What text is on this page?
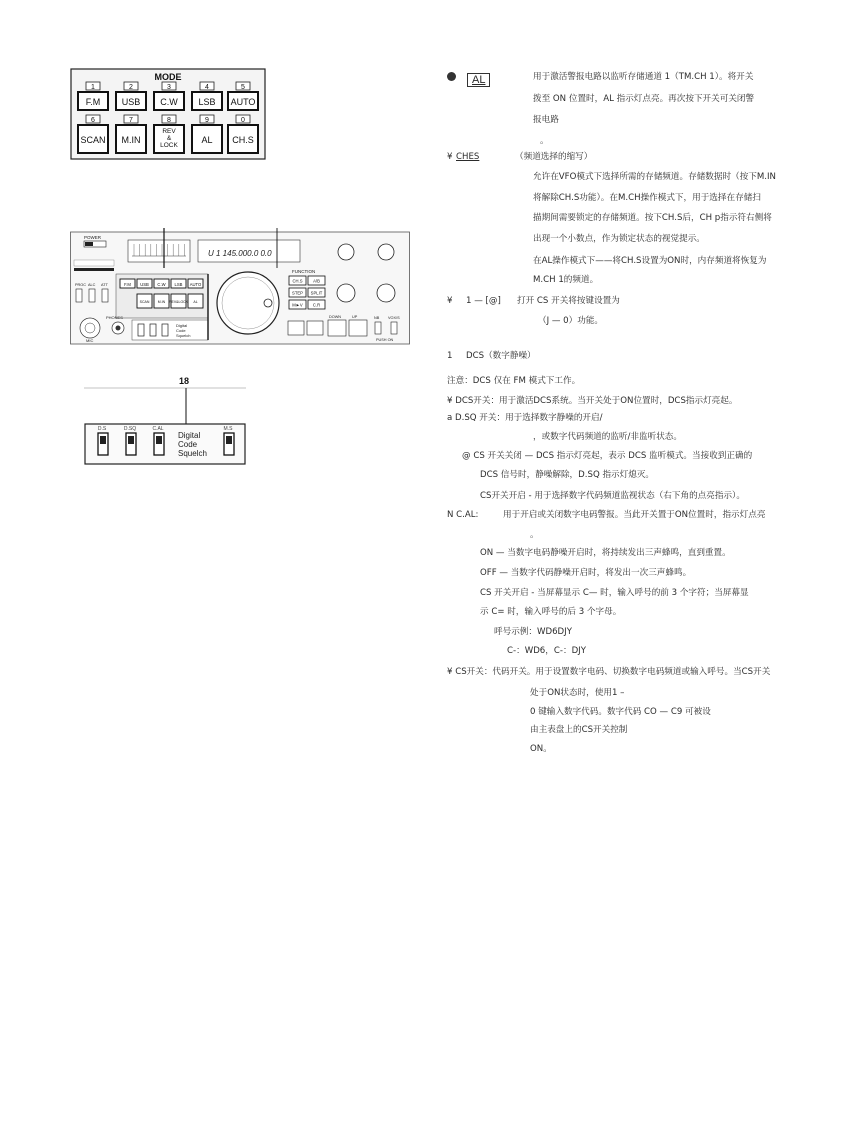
MODE
1
F.M
2
USB
3
C.W
4
LSB
5
AUTO
6
SCAN
7
M.IN
8
REV
&
LOCK
9
AL
0
CH.S
POWER
U 1 145.000.0 0.0
PROC ALC ATT	F.M USB C.W LSB AUTO
SCAN M.IN REV&LOCK AL
MIC
PHONES
Digital
Code
Squelch
FUNCTION
CH.S	A/B
STEP SPLIT
M►V C.R
DOWN	UP	NB VOX/S
PUSH ON
18
D.S	D.SQ	C.AL	M.S
Digital
Code
Squelch
AL	用于激活警报电路以监听存储通道 1（TM.CH 1）。将开关
拨至 ON 位置时，AL 指示灯点亮。再次按下开关可关闭警
报电路
。
¥ CHES	（频道选择的缩写）
允许在VFO模式下选择所需的存储频道。存储数据时（按下M.IN
将解除CH.S功能）。在M.CH操作模式下，用于选择在存储扫
描期间需要锁定的存储频道。按下CH.S后，CH p指示符右侧将
出现一个小数点，作为锁定状态的视觉提示。
在AL操作模式下——将CH.S设置为ON时，内存频道将恢复为
M.CH 1的频道。
¥ 1 — [@] 打开 CS 开关将按键设置为
（J — 0）功能。
1 DCS（数字静噪）
注意：DCS 仅在 FM 模式下工作。
¥ DCS开关：用于激活DCS系统。当开关处于ON位置时，DCS指示灯亮起。
a D.SQ 开关：用于选择数字静噪的开启/
，或数字代码频道的监听/非监听状态。
@ CS 开关关闭 — DCS 指示灯亮起，表示 DCS 监听模式。当接收到正确的
DCS 信号时，静噪解除，D.SQ 指示灯熄灭。
CS开关开启 - 用于选择数字代码频道监视状态（右下角的点亮指示）。
N C.AL:	用于开启或关闭数字电码警报。当此开关置于ON位置时，指示灯点亮
。
ON — 当数字电码静噪开启时，将持续发出三声蜂鸣，直到重置。
OFF — 当数字代码静噪开启时，将发出一次三声蜂鸣。
CS 开关开启 - 当屏幕显示 C— 时，输入呼号的前 3 个字符；当屏幕显
示 C= 时，输入呼号的后 3 个字母。
呼号示例：WD6DJY
C-：WD6，C-：DJY
¥ CS开关：代码开关。用于设置数字电码、切换数字电码频道或输入呼号。当CS开关
处于ON状态时，使用1 –
0 键输入数字代码。数字代码 CO — C9 可被设
由主表盘上的CS开关控制
ON。
